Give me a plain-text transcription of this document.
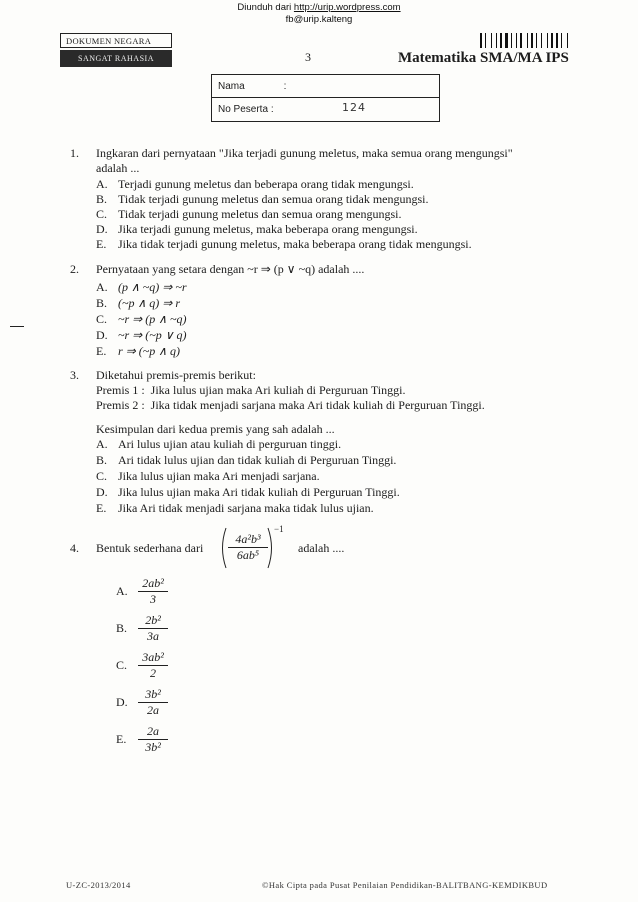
Diunduh dari http://urip.wordpress.com
fb@urip.kalteng
DOKUMEN NEGARA
SANGAT RAHASIA	3	Matematika SMA/MA IPS
Nama	:
No Peserta :	124
1. Ingkaran dari pernyataan "Jika terjadi gunung meletus, maka semua orang mengungsi"
adalah ...
A. Terjadi gunung meletus dan beberapa orang tidak mengungsi.
B. Tidak terjadi gunung meletus dan semua orang tidak mengungsi.
C. Tidak terjadi gunung meletus dan semua orang mengungsi.
D. Jika terjadi gunung meletus, maka beberapa orang mengungsi.
E. Jika tidak terjadi gunung meletus, maka beberapa orang tidak mengungsi.
2. Pernyataan yang setara dengan ~r ⇒ (p ∨ ~q) adalah ....
A. (p ∧ ~q) ⇒ ~r
B. (~p ∧ q) ⇒ r
C. ~r ⇒ (p ∧ ~q)
D. ~r ⇒ (~p ∨ q)
E. r ⇒ (~p ∧ q)
3. Diketahui premis-premis berikut:
Premis 1 : Jika lulus ujian maka Ari kuliah di Perguruan Tinggi.
Premis 2 : Jika tidak menjadi sarjana maka Ari tidak kuliah di Perguruan Tinggi.
Kesimpulan dari kedua premis yang sah adalah ...
A. Ari lulus ujian atau kuliah di perguruan tinggi.
B. Ari tidak lulus ujian dan tidak kuliah di Perguruan Tinggi.
C. Jika lulus ujian maka Ari menjadi sarjana.
D. Jika lulus ujian maka Ari tidak kuliah di Perguruan Tinggi.
E. Jika Ari tidak menjadi sarjana maka tidak lulus ujian.
4. Bentuk sederhana dari $\frac{\text{4a²b³}}{\text{6ab⁵}}$
−1
adalah ....
A. $\frac{\text{2ab²}}{3}$
B. $\frac{\text{2b²}}{3a}$
C. $\frac{\text{3ab²}}{2}$
D. $\frac{\text{3b²}}{2a}$
E. $\frac{2a}{\text{3b²}}$
U-ZC-2013/2014	©Hak Cipta pada Pusat Penilaian Pendidikan-BALITBANG-KEMDIKBUD
